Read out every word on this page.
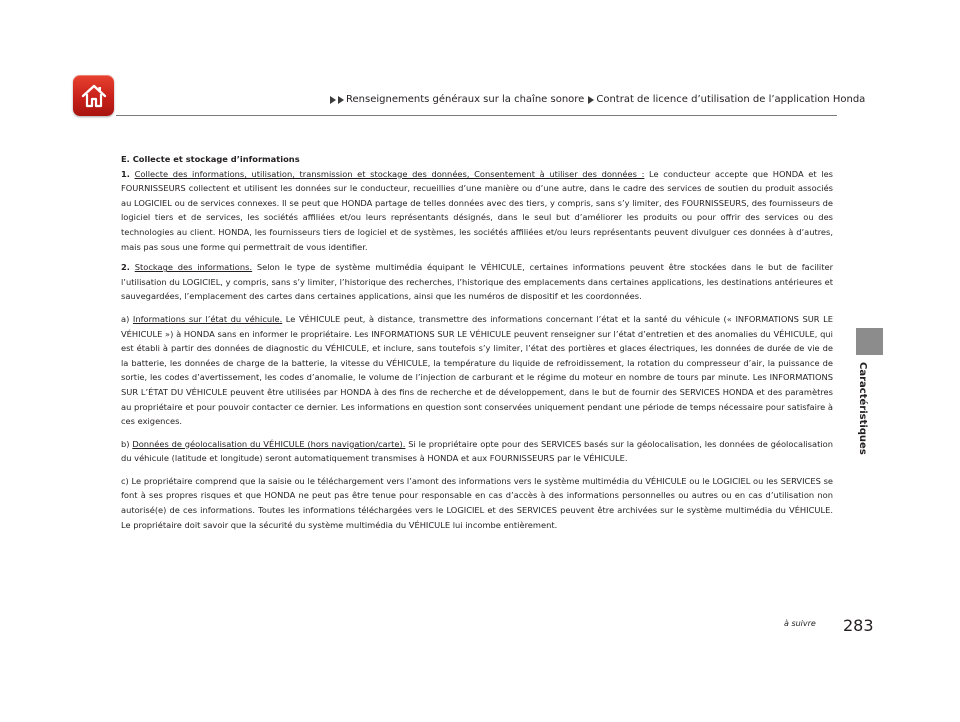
Renseignements généraux sur la chaîne sonore Contrat de licence d’utilisation de l’application Honda
Caractéristiques
E. Collecte et stockage d’informations

1. Collecte des informations, utilisation, transmission et stockage des données, Consentement à utiliser des données : Le conducteur accepte que HONDA et les FOURNISSEURS collectent et utilisent les données sur le conducteur, recueillies d’une manière ou d’une autre, dans le cadre des services de soutien du produit associés au LOGICIEL ou de services connexes. Il se peut que HONDA partage de telles données avec des tiers, y compris, sans s’y limiter, des FOURNISSEURS, des fournisseurs de logiciel tiers et de services, les sociétés affiliées et/ou leurs représentants désignés, dans le seul but d’améliorer les produits ou pour offrir des services ou des technologies au client. HONDA, les fournisseurs tiers de logiciel et de systèmes, les sociétés affiliées et/ou leurs représentants peuvent divulguer ces données à d’autres, mais pas sous une forme qui permettrait de vous identifier.

2. Stockage des informations. Selon le type de système multimédia équipant le VÉHICULE, certaines informations peuvent être stockées dans le but de faciliter l’utilisation du LOGICIEL, y compris, sans s’y limiter, l’historique des recherches, l’historique des emplacements dans certaines applications, les destinations antérieures et sauvegardées, l’emplacement des cartes dans certaines applications, ainsi que les numéros de dispositif et les coordonnées.

a) Informations sur l’état du véhicule. Le VÉHICULE peut, à distance, transmettre des informations concernant l’état et la santé du véhicule (« INFORMATIONS SUR LE VÉHICULE ») à HONDA sans en informer le propriétaire. Les INFORMATIONS SUR LE VÉHICULE peuvent renseigner sur l’état d’entretien et des anomalies du VÉHICULE, qui est établi à partir des données de diagnostic du VÉHICULE, et inclure, sans toutefois s’y limiter, l’état des portières et glaces électriques, les données de durée de vie de la batterie, les données de charge de la batterie, la vitesse du VÉHICULE, la température du liquide de refroidissement, la rotation du compresseur d’air, la puissance de sortie, les codes d’avertissement, les codes d’anomalie, le volume de l’injection de carburant et le régime du moteur en nombre de tours par minute. Les INFORMATIONS SUR L’ÉTAT DU VÉHICULE peuvent être utilisées par HONDA à des fins de recherche et de développement, dans le but de fournir des SERVICES HONDA et des paramètres au propriétaire et pour pouvoir contacter ce dernier. Les informations en question sont conservées uniquement pendant une période de temps nécessaire pour satisfaire à ces exigences.

b) Données de géolocalisation du VÉHICULE (hors navigation/carte). Si le propriétaire opte pour des SERVICES basés sur la géolocalisation, les données de géolocalisation du véhicule (latitude et longitude) seront automatiquement transmises à HONDA et aux FOURNISSEURS par le VÉHICULE.

c) Le propriétaire comprend que la saisie ou le téléchargement vers l’amont des informations vers le système multimédia du VÉHICULE ou le LOGICIEL ou les SERVICES se font à ses propres risques et que HONDA ne peut pas être tenue pour responsable en cas d’accès à des informations personnelles ou autres ou en cas d’utilisation non autorisé(e) de ces informations. Toutes les informations téléchargées vers le LOGICIEL et des SERVICES peuvent être archivées sur le système multimédia du VÉHICULE. Le propriétaire doit savoir que la sécurité du système multimédia du VÉHICULE lui incombe entièrement.

à suivre 283
